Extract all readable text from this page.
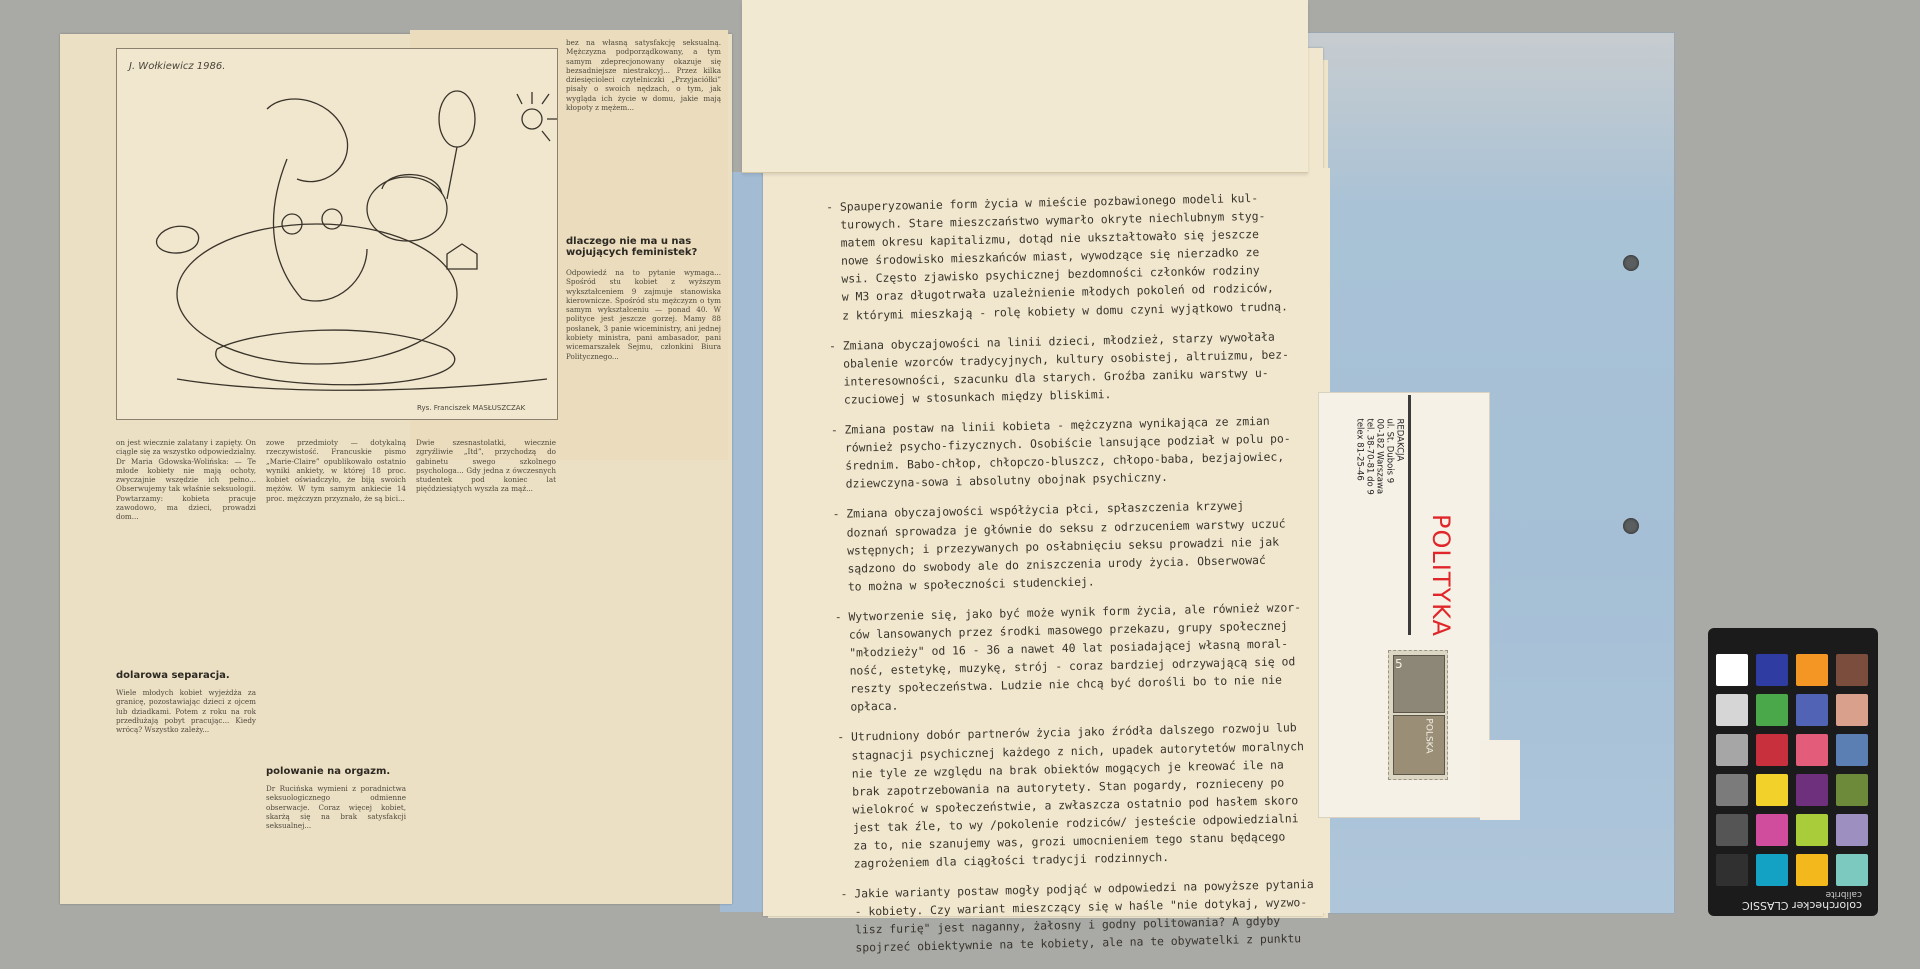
J. Wołkiewicz 1986.
Rys. Franciszek MASŁUSZCZAK
bez na własną satysfakcję seksualną. Mężczyzna podporządkowany, a tym samym zdeprecjonowany okazuje się bezsadniejsze niestrakcyj... Przez kilka dziesięcioleci czytelniczki „Przyjaciółki” pisały o swoich nędzach, o tym, jak wygląda ich życie w domu, jakie mają kłopoty z mężem...
dlaczego nie ma u nas wojujących feministek?
Odpowiedź na to pytanie wymaga... Spośród stu kobiet z wyższym wykształceniem 9 zajmuje stanowiska kierownicze. Spośród stu mężczyzn o tym samym wykształceniu — ponad 40. W polityce jest jeszcze gorzej. Mamy 88 posłanek, 3 panie wiceministry, ani jednej kobiety ministra, pani ambasador, pani wicemarszałek Sejmu, członkini Biura Politycznego...
on jest wiecznie zalatany i zapięty. On ciągle się za wszystko odpowiedzialny. Dr Maria Gdowska-Wolińska: — Te młode kobiety nie mają ochoty, zwyczajnie wszędzie ich pełno... Obserwujemy tak właśnie seksuologii. Powtarzamy: kobieta pracuje zawodowo, ma dzieci, prowadzi dom...
dolarowa separacja.
Wiele młodych kobiet wyjeżdża za granicę, pozostawiając dzieci z ojcem lub dziadkami. Potem z roku na rok przedłużają pobyt pracując... Kiedy wrócą? Wszystko zależy...
zowe przedmioty — dotykalną rzeczywistość. Francuskie pismo „Marie-Claire” opublikowało ostatnio wyniki ankiety, w której 18 proc. kobiet oświadczyło, że biją swoich mężów. W tym samym ankiecie 14 proc. mężczyzn przyznało, że są bici...
polowanie na orgazm.
Dr Rucińska wymieni z poradnictwa seksuologicznego odmienne obserwacje. Coraz więcej kobiet, skarżą się na brak satysfakcji seksualnej...
Dwie szesnastolatki, wiecznie zgryźliwie „Itd”, przychodzą do gabinetu swego szkolnego psychologa... Gdy jedna z ówczesnych studentek pod koniec lat pięćdziesiątych wyszła za mąż...
- Spauperyzowanie form życia w mieście pozbawionego modeli kul-
turowych. Stare mieszczaństwo wymarło okryte niechlubnym styg-
matem okresu kapitalizmu, dotąd nie ukształtowało się jeszcze
nowe środowisko mieszkańców miast, wywodzące się nierzadko ze
wsi. Często zjawisko psychicznej bezdomności członków rodziny
w M3 oraz długotrwała uzależnienie młodych pokoleń od rodziców,
z którymi mieszkają - rolę kobiety w domu czyni wyjątkowo trudną.
- Zmiana obyczajowości na linii dzieci, młodzież, starzy wywołała
obalenie wzorców tradycyjnych, kultury osobistej, altruizmu, bez-
interesowności, szacunku dla starych. Groźba zaniku warstwy u-
czuciowej w stosunkach między bliskimi.
- Zmiana postaw na linii kobieta - mężczyzna wynikająca ze zmian
również psycho-fizycznych. Osobiście lansujące podział w polu po-
średnim. Babo-chłop, chłopczo-bluszcz, chłopo-baba, bezjajowiec,
dziewczyna-sowa i absolutny obojnak psychiczny.
- Zmiana obyczajowości współżycia płci, spłaszczenia krzywej
doznań sprowadza je głównie do seksu z odrzuceniem warstwy uczuć
wstępnych; i przezywanych po osłabnięciu seksu prowadzi nie jak
sądzono do swobody ale do zniszczenia urody życia. Obserwować
to można w społeczności studenckiej.
- Wytworzenie się, jako być może wynik form życia, ale również wzor-
ców lansowanych przez środki masowego przekazu, grupy społecznej
"młodzieży" od 16 - 36 a nawet 40 lat posiadającej własną moral-
ność, estetykę, muzykę, strój - coraz bardziej odrzywającą się od
reszty społeczeństwa. Ludzie nie chcą być dorośli bo to nie nie
opłaca.
- Utrudniony dobór partnerów życia jako źródła dalszego rozwoju lub
stagnacji psychicznej każdego z nich, upadek autorytetów moralnych
nie tyle ze względu na brak obiektów mogących je kreować ile na
brak zapotrzebowania na autorytety. Stan pogardy, roznieceny po
wielokroć w społeczeństwie, a zwłaszcza ostatnio pod hasłem skoro
jest tak źle, to wy /pokolenie rodziców/ jesteście odpowiedzialni
za to, nie szanujemy was, grozi umocnieniem tego stanu będącego
zagrożeniem dla ciągłości tradycji rodzinnych.
- Jakie warianty postaw mogły podjąć w odpowiedzi na powyższe pytania
- kobiety. Czy wariant mieszczący się w haśle "nie dotykaj, wyzwo-
lisz furię" jest naganny, żałosny i godny politowania? A gdyby
spojrzeć obiektywnie na te kobiety, ale na te obywatelki z punktu
POLITYKA
REDAKCJA
ul. St. Dubois 9
00-182 Warszawa
tel. 38-70-81 do 9
telex 81-25-46
5
POLSKA
colorchecker CLASSIC
calibrite
